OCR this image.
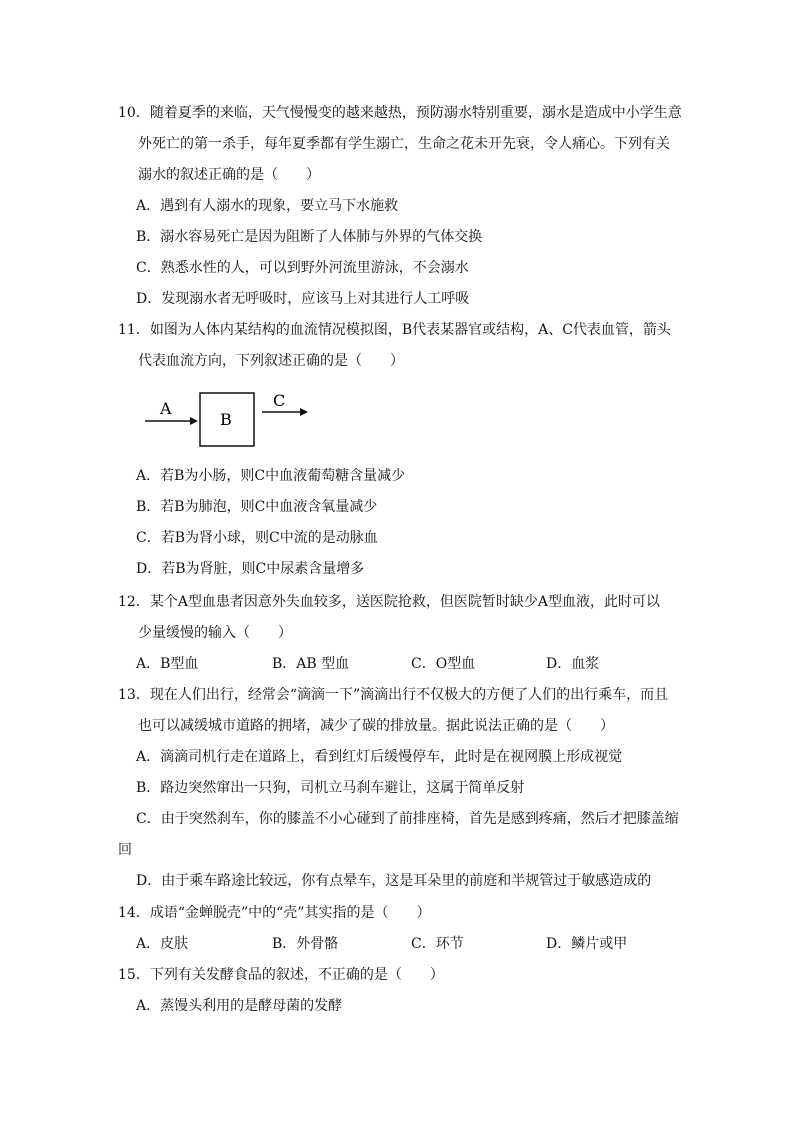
10．随着夏季的来临，天气慢慢变的越来越热，预防溺水特别重要，溺水是造成中小学生意
外死亡的第一杀手，每年夏季都有学生溺亡，生命之花未开先衰，令人痛心。下列有关
溺水的叙述正确的是（　　）
A．遇到有人溺水的现象，要立马下水施救
B．溺水容易死亡是因为阻断了人体肺与外界的气体交换
C．熟悉水性的人，可以到野外河流里游泳，不会溺水
D．发现溺水者无呼吸时，应该马上对其进行人工呼吸
11．如图为人体内某结构的血流情况模拟图，B代表某器官或结构，A、C代表血管，箭头
代表血流方向，下列叙述正确的是（　　）
A
B
C
A．若B为小肠，则C中血液葡萄糖含量减少
B．若B为肺泡，则C中血液含氧量减少
C．若B为肾小球，则C中流的是动脉血
D．若B为肾脏，则C中尿素含量增多
12．某个A型血患者因意外失血较多，送医院抢救，但医院暂时缺少A型血液，此时可以
少量缓慢的输入（　　）
A．B型血	B．AB 型血	C．O型血	D．血浆
13．现在人们出行，经常会“滴滴一下”滴滴出行不仅极大的方便了人们的出行乘车，而且
也可以减缓城市道路的拥堵，减少了碳的排放量。据此说法正确的是（　　）
A．滴滴司机行走在道路上，看到红灯后缓慢停车，此时是在视网膜上形成视觉
B．路边突然窜出一只狗，司机立马刹车避让，这属于简单反射
C．由于突然刹车，你的膝盖不小心碰到了前排座椅，首先是感到疼痛，然后才把膝盖缩
回
D．由于乘车路途比较远，你有点晕车，这是耳朵里的前庭和半规管过于敏感造成的
14．成语“金蝉脱壳”中的“壳”其实指的是（　　）
A．皮肤	B．外骨骼	C．环节	D．鳞片或甲
15．下列有关发酵食品的叙述，不正确的是（　　）
A．蒸馒头利用的是酵母菌的发酵
